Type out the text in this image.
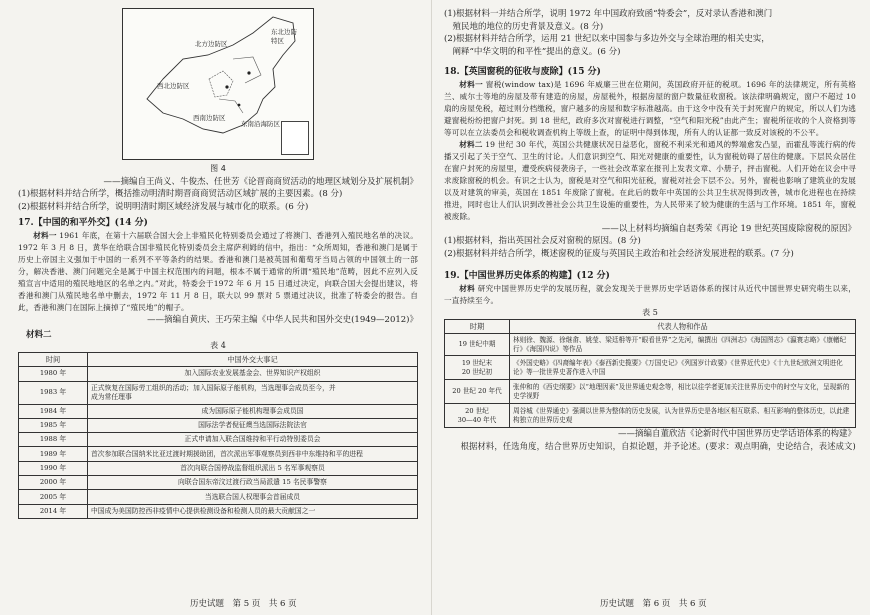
北方边防区
东北边防特区
西北边防区
西南边防区
东南沿海防区
图 4
——摘编自王尚义、牛俊杰、任世芳《论晋商商贸活动的地理区域划分及扩展机制》
(1)根据材料并结合所学，概括推动明清时期晋商商贸活动区域扩展的主要因素。(8 分)
(2)根据材料并结合所学，说明明清时期区域经济发展与城市化的联系。(6 分)
17.【中国的和平外交】(14 分)
材料一 1961 年底，在第十六届联合国大会上非殖民化特别委员会通过了将澳门、香港列入殖民地名单的决议。1972 年 3 月 8 日，黄华在给联合国非殖民化特别委员会主席萨利姆的信中，指出：“众所周知，香港和澳门是属于历史上帝国主义强加于中国的一系列不平等条约的结果。香港和澳门是被英国和葡萄牙当局占领的中国领土的一部分，解决香港、澳门问题完全是属于中国主权范围内的问题，根本不属于通常的所谓“殖民地”范畴，因此不应列入反殖宣言中适用的殖民地地区的名单之内。”对此，特委会于1972 年 6 月 15 日通过决定，向联合国大会提出建议，将香港和澳门从殖民地名单中删去，1972 年 11 月 8 日，联大以 99 票对 5 票通过决议，批准了特委会的报告。自此，香港和澳门在国际上摘掉了“殖民地”的帽子。
——摘编自黄庆、王巧荣主编《中华人民共和国外交史(1949—2012)》
材料二
表 4
时间	中国外交大事记
1980 年	加入国际农业发展基金会、世界知识产权组织
1983 年	正式恢复在国际劳工组织的活动；加入国际原子能机构，当选理事会成员至今，并
成为常任理事
1984 年	成为国际原子能机构理事会成员国
1985 年	国际法学者倪征燠当选国际法院法官
1988 年	正式申请加入联合国维持和平行动特别委员会
1989 年	首次参加联合国纳米比亚过渡时期援助团，首次派出军事观察员到西非中东维持和平的进程
1990 年	首次向联合国停战监督组织派出 5 名军事观察员
2000 年	向联合国东帝汶过渡行政当局派遣 15 名民事警察
2005 年	当选联合国人权理事会首届成员
2014 年	中国成为美国防控西非疫情中心提供检测设备和检测人员的最大贡献国之一
历史试题　第 5 页　共 6 页
(1)根据材料一并结合所学，说明 1972 年中国政府致函“特委会”，反对录认香港和澳门
殖民地的地位的历史背景及意义。(8 分)
(2)根据材料并结合所学，运用 21 世纪以来中国参与多边外交与全球治理的相关史实，
阐释“中华文明的和平性”提出的意义。(6 分)
18.【英国窗税的征收与废除】(15 分)
材料一 窗税(window tax)是 1696 年威廉三世在位期间，英国政府开征的税项。1696 年的法律规定，所有英格兰、威尔士等地的房屋及带有建造的房屋，房屋税外，根据房屋的窗户数量征收窗税。该法律明确规定，窗户不超过 10 扇的房屋免税，超过则分档缴税，窗户越多的房屋和数字标准越高。由于这令中没有关于封死窗户的规定，所以人们为逃避窗税纷纷把窗户封死。到 18 世纪，政府多次对窗税进行调整，“空气和阳光税”由此产生；窗税所征收的个人资格到等等可以在立法委员会和税收调查机构上等级上查，的证明中得到体现，所有人的认证都一致反对该税的不公平。
材料二 19 世纪 30 年代，英国公共健康状况日益恶化，窗税不利采光和通风的弊端愈发凸显，而霍乱等流行病的传播又引起了关于空气、卫生的讨论。人们意识到空气、阳光对健康的重要性，认为窗税妨碍了居住的健康。下层民众居住在窗户封死的房屋里，遭受疾病侵袭房子，一些社会改革家在报刊上发表文章、小册子，抨击窗税。人们开始在议会中寻求废除窗税的机会。有识之士认为，窗税是对空气和阳光征税，窗税对社会下层不公。另外，窗税也影响了建筑业的发展以及对建筑的审美，英国在 1851 年废除了窗税。在此后的数年中英国的公共卫生状况得到改善，城市化进程也在持续推进，同时也让人们认识到改善社会公共卫生设施的重要性，为人民带来了较为健康的生活与工作环境。1851 年，窗税被废除。
——以上材料均摘编自赵秀荣《再论 19 世纪英国废除窗税的原因》
(1)根据材料，指出英国社会反对窗税的原因。(8 分)
(2)根据材料并结合所学，概述窗税的征废与英国民主政治和社会经济发展进程的联系。(7 分)
19.【中国世界历史体系的构建】(12 分)
材料 研究中国世界历史学的发展历程，就会发现关于世界历史学话语体系的探讨从近代中国世界史研究萌生以来，一直持续至今。
表 5
时期	代表人物和作品
19 世纪中期	林则徐、魏源、徐继畬、姚莹、梁廷枏等开“眼看世界”之先河，编撰出《四洲志》《海国图志》《瀛寰志略》《康輶纪行》《海国四说》等作品
19 世纪末
20 世纪初	《外国史略》《四裔编年表》《泰西新史揽要》《万国史记》《列国岁计政要》《世界近代史》《十九世纪欧洲文明进化论》等一批世界史著作进入中国
20 世纪 20 年代	张仲和的《西史纲要》以“地理因素”及世界通史观念等，相比以往学者更加关注世界历史中的时空与文化，呈现新的史学视野
20 世纪
30—40 年代	周谷城《世界通史》强调以世界为整体的历史发展，认为世界历史是各地区相互联系、相互影响的整体历史，以此建构独立的世界历史观
——摘编自董欣洁《论新时代中国世界历史学话语体系的构建》
根据材料，任选角度，结合世界历史知识，自拟论题，并予论述。(要求：观点明确，史论结合，表述成文)
历史试题　第 6 页　共 6 页
